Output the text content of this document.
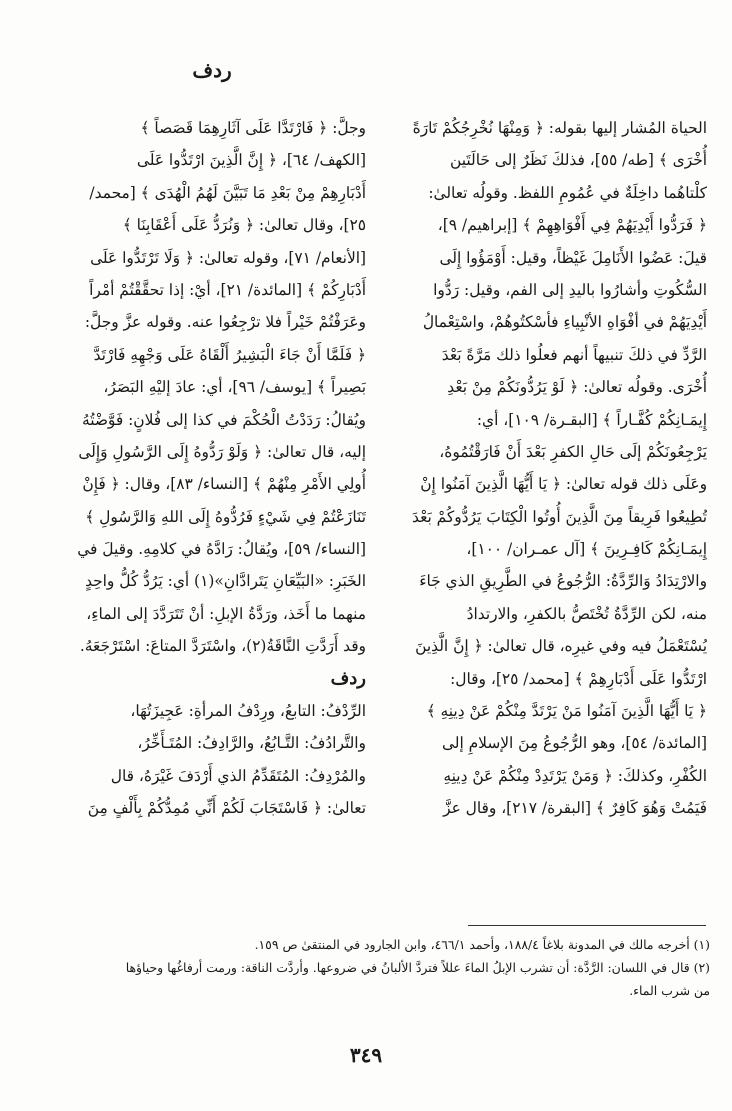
ردف
الحياة المُشار إليها بقوله: ﴿ وَمِنْهَا نُخْرِجُكُمْ تَارَةً
أُخْرَى ﴾ [طه/ ٥٥]، فذلكَ نَظَرٌ إلى حَالَتَين
كلْتاهُما داخِلَةٌ في عُمُومِ اللفظ. وقولُه تعالىٰ:
﴿ فَرَدُّوا أَيْدِيَهُمْ فِي أَفْوَاهِهِمْ ﴾ [إبراهيم/ ٩]،
قيلَ: عَضُوا الأَنَامِلَ غَيْظاً، وقيل: أَوْمَؤُوا إِلَى
السُّكُوتِ وأشارُوا باليدِ إلى الفم، وقيل: رَدُّوا
أَيْدِيَهُمْ في أفْوَاهِ الأنْبِياءِ فأسْكتُوهُمْ، واسْتِعْمالُ
الرَّدِّ في ذلكَ تنبيهاً أنهم فعلُوا ذلك مَرَّةً بَعْدَ
أُخْرَى. وقولُه تعالىٰ: ﴿ لَوْ يَرُدُّونَكُمْ مِنْ بَعْدِ
إِيمَـانِكُمْ كُفَّـاراً ﴾ [البقـرة/ ١٠٩]، أي:
يَرْجِعُونَكُمْ إلَى حَالِ الكفرِ بَعْدَ أَنْ فَارَقْتُمُوهُ،
وعَلَى ذلك قوله تعالىٰ: ﴿ يَا أَيُّهَا الَّذِينَ آمَنُوا إِنْ
تُطِيعُوا فَرِيقاً مِنَ الَّذِينَ أُوتُوا الْكِتَابَ يَرُدُّوكُمْ بَعْدَ
إِيمَـانِكُمْ كَافِـرِينَ ﴾ [آل عمـران/ ١٠٠]،
والارْتِدَادُ وَالرِّدَّةُ: الرُّجُوعُ في الطَّرِيقِ الذي جَاءَ
منه، لكن الرِّدَّةُ تُخْتَصُّ بالكفرِ، والارتدادُ
يُسْتَعْمَلُ فيه وفي غيرِه، قال تعالىٰ: ﴿ إِنَّ الَّذِينَ
ارْتَدُّوا عَلَى أَدْبَارِهِمْ ﴾ [محمد/ ٢٥]، وقال:
﴿ يَا أَيُّهَا الَّذِينَ آمَنُوا مَنْ يَرْتَدَّ مِنْكُمْ عَنْ دِينِهِ ﴾
[المائدة/ ٥٤]، وهو الرُّجُوعُ مِنَ الإسلامِ إلى
الكُفْرِ، وكذلكَ: ﴿ وَمَنْ يَرْتَدِدْ مِنْكُمْ عَنْ دِينِهِ
فَيَمُتْ وَهُوَ كَافِرٌ ﴾ [البقرة/ ٢١٧]، وقال عزَّ
وجلَّ: ﴿ فَارْتَدَّا عَلَى آثَارِهِمَا قَصَصاً ﴾
[الكهف/ ٦٤]، ﴿ إِنَّ الَّذِينَ ارْتَدُّوا عَلَى
أَدْبَارِهِمْ مِنْ بَعْدِ مَا تَبَيَّنَ لَهُمُ الْهُدَى ﴾ [محمد/
٢٥]، وقال تعالىٰ: ﴿ وَنُرَدُّ عَلَى أَعْقَابِنَا ﴾
[الأنعام/ ٧١]، وقوله تعالىٰ: ﴿ وَلَا تَرْتَدُّوا عَلَى
أَدْبَارِكُمْ ﴾ [المائدة/ ٢١]، أيْ: إذا تحقَّقْتُمْ أمْراً
وعَرَفْتُمْ خَيْراً فلا ترْجِعُوا عنه. وقوله عزَّ وجلَّ:
﴿ فَلَمَّا أَنْ جَاءَ الْبَشِيرُ أَلْقَاهُ عَلَى وَجْهِهِ فَارْتَدَّ
بَصِيراً ﴾ [يوسف/ ٩٦]، أي: عادَ إليْهِ البَصَرُ،
ويُقالُ: رَدَدْتُ الْحُكْمَ في كذا إلى فُلانٍ: فَوَّضْتُهُ
إليه، قال تعالىٰ: ﴿ وَلَوْ رَدُّوهُ إِلَى الرَّسُولِ وَإِلَى
أُولِي الأَمْرِ مِنْهُمْ ﴾ [النساء/ ٨٣]، وقال: ﴿ فَإِنْ
تَنَازَعْتُمْ فِي شَيْءٍ فَرُدُّوهُ إِلَى اللهِ وَالرَّسُولِ ﴾
[النساء/ ٥٩]، ويُقالُ: رَادَّهُ في كلامِهِ. وقيلَ في
الخَبَرِ: «البَيِّعَانِ يَتَرادَّانِ»(١) أي: يَرُدُّ كُلُّ واحِدٍ
منهما ما أَخَذ، ورَدَّةُ الإبلِ: أنْ تَتَرَدَّدَ إلى الماءِ،
وقد أَرَدَّتِ النَّاقَةُ(٢)، واسْتَرَدَّ المتاعَ: اسْتَرْجَعَهُ.
ردف
الرِّدْفُ: التابعُ، ورِدْفُ المرأةِ: عَجِيزَتُهَا،
والتَّرادُفُ: التَّـابُعُ، والرَّادِفُ: المُتَـأَخِّرُ،
والمُرْدِفُ: المُتَقَدِّمُ الذي أَرْدَفَ غَيْرَهُ، قال
تعالىٰ: ﴿ فَاسْتَجَابَ لَكُمْ أَنِّي مُمِدُّكُمْ بِأَلْفٍ مِنَ
(١) أخرجه مالك في المدونة بلاغاً ١٨٨/٤، وأحمد ٤٦٦/١، وابن الجارود في المنتقىٰ ص ١٥٩.
(٢) قال في اللسان: الرَّدَّة: أن تشرب الإبلُ الماءَ عللاً فتردَّ الألبانُ في ضروعها. وأردَّت الناقة: ورمت أرفاغُها وحياؤها
من شرب الماء.
٣٤٩
